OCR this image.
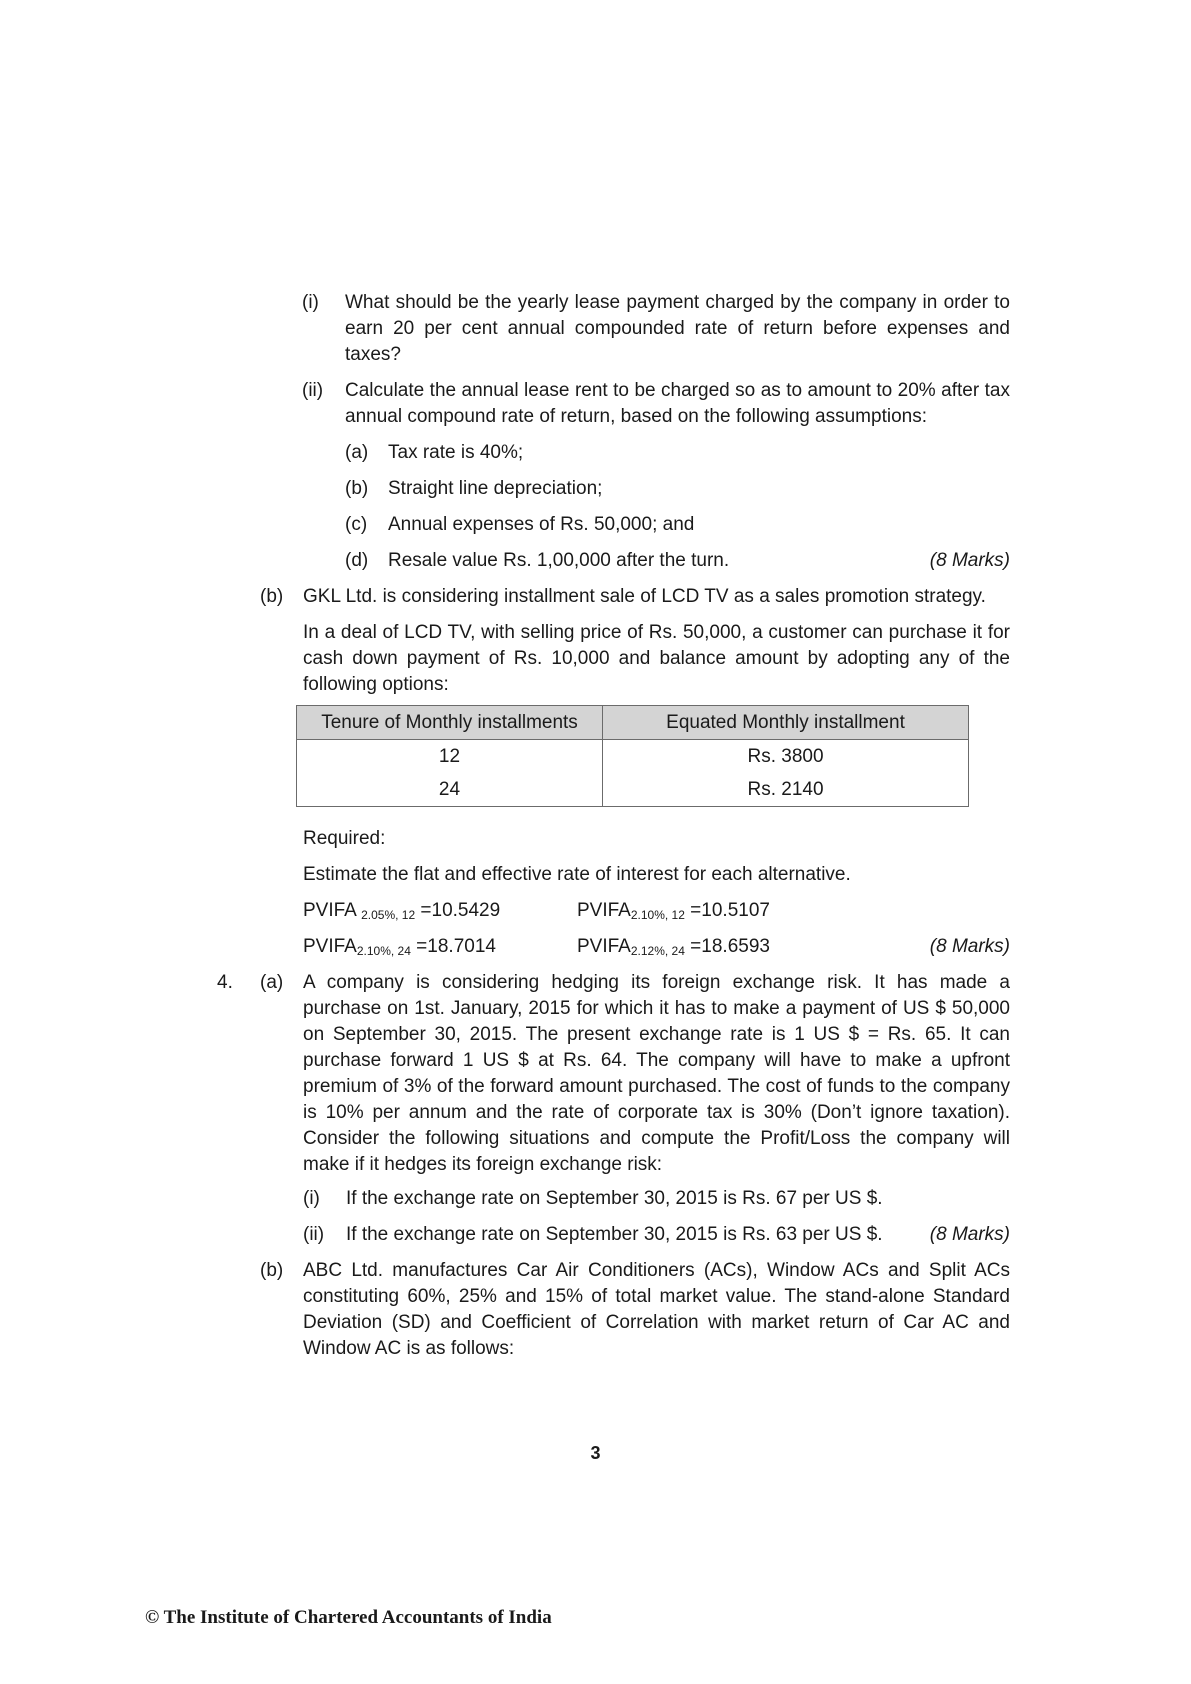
(i) What should be the yearly lease payment charged by the company in order to earn 20 per cent annual compounded rate of return before expenses and taxes?
(ii) Calculate the annual lease rent to be charged so as to amount to 20% after tax annual compound rate of return, based on the following assumptions:
(a) Tax rate is 40%;
(b) Straight line depreciation;
(c) Annual expenses of Rs. 50,000; and
(d) Resale value Rs. 1,00,000 after the turn.	(8 Marks)
(b) GKL Ltd. is considering installment sale of LCD TV as a sales promotion strategy.
In a deal of LCD TV, with selling price of Rs. 50,000, a customer can purchase it for cash down payment of Rs. 10,000 and balance amount by adopting any of the following options:
Tenure of Monthly installments	Equated Monthly installment
12	Rs. 3800
24	Rs. 2140
Required:
Estimate the flat and effective rate of interest for each alternative.
PVIFA $_{2.05\%, 12}$ =10.5429	$PVIFA_{2.10\%, 12} =10.5107$
$PVIFA_{2.10\%, 24} =18.7014$	$PVIFA_{2.12\%, 24} =18.6593$	(8 Marks)
4. (a) A company is considering hedging its foreign exchange risk. It has made a purchase on 1st. January, 2015 for which it has to make a payment of US $ 50,000 on September 30, 2015. The present exchange rate is 1 US $ = Rs. 65. It can purchase forward 1 US $ at Rs. 64. The company will have to make a upfront premium of 3% of the forward amount purchased. The cost of funds to the company is 10% per annum and the rate of corporate tax is 30% (Don’t ignore taxation). Consider the following situations and compute the Profit/Loss the company will make if it hedges its foreign exchange risk:
(i) If the exchange rate on September 30, 2015 is Rs. 67 per US $.
(ii) If the exchange rate on September 30, 2015 is Rs. 63 per US $. (8 Marks)
(b) ABC Ltd. manufactures Car Air Conditioners (ACs), Window ACs and Split ACs constituting 60%, 25% and 15% of total market value. The stand-alone Standard Deviation (SD) and Coefficient of Correlation with market return of Car AC and Window AC is as follows:
3
© The Institute of Chartered Accountants of India
